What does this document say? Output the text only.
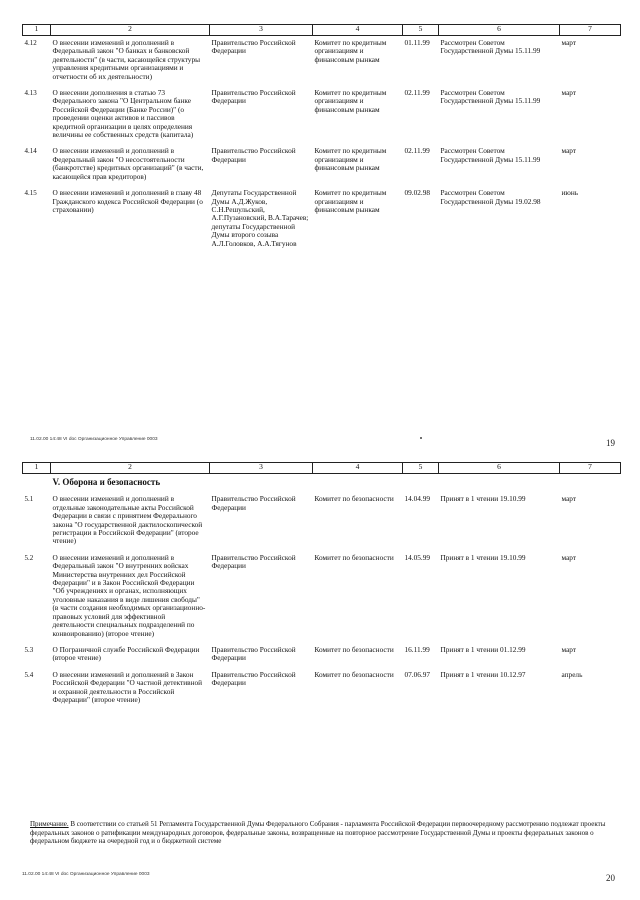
1	2	3	4	5	6	7
4.12	О внесении изменений и дополнений в Федеральный закон "О банках и банковской деятельности" (в части, касающейся структуры управления кредитными организациями и отчетности об их деятельности)	Правительство Российской Федерации	Комитет по кредитным организациям и финансовым рынкам	01.11.99	Рассмотрен Советом Государственной Думы 15.11.99	март
4.13	О внесении дополнения в статью 73 Федерального закона "О Центральном банке Российской Федерации (Банке России)" (о проведении оценки активов и пассивов кредитной организации в целях определения величины ее собственных средств (капитала)	Правительство Российской Федерации	Комитет по кредитным организациям и финансовым рынкам	02.11.99	Рассмотрен Советом Государственной Думы 15.11.99	март
4.14	О внесении изменений и дополнений в Федеральный закон "О несостоятельности (банкротстве) кредитных организаций" (в части, касающейся прав кредиторов)	Правительство Российской Федерации	Комитет по кредитным организациям и финансовым рынкам	02.11.99	Рассмотрен Советом Государственной Думы 15.11.99	март
4.15	О внесении изменений и дополнений в главу 48 Гражданского кодекса Российской Федерации (о страховании)	Депутаты Государственной Думы А.Д.Жуков, С.Н.Решульский, А.Г.Пузановский, В.А.Тарачев; депутаты Государственной Думы второго созыва А.Л.Головков, А.А.Тягунов	Комитет по кредитным организациям и финансовым рынкам	09.02.98	Рассмотрен Советом Государственной Думы 19.02.98	июнь
11.02.00 14:48 VI doc Организационное Управление 0003	19
1	2	3	4	5	6	7
	V. Оборона и безопасность					
5.1	О внесении изменений и дополнений в отдельные законодательные акты Российской Федерации в связи с принятием Федерального закона "О государственной дактилоскопической регистрации в Российской Федерации" (второе чтение)	Правительство Российской Федерации	Комитет по безопасности	14.04.99	Принят в 1 чтении 19.10.99	март
5.2	О внесении изменений и дополнений в Федеральный закон "О внутренних войсках Министерства внутренних дел Российской Федерации" и в Закон Российской Федерации "Об учреждениях и органах, исполняющих уголовные наказания в виде лишения свободы" (в части создания необходимых организационно-правовых условий для эффективной деятельности специальных подразделений по конвоированию) (второе чтение)	Правительство Российской Федерации	Комитет по безопасности	14.05.99	Принят в 1 чтении 19.10.99	март
5.3	О Пограничной службе Российской Федерации (второе чтение)	Правительство Российской Федерации	Комитет по безопасности	16.11.99	Принят в 1 чтении 01.12.99	март
5.4	О внесении изменений и дополнений в Закон Российской Федерации "О частной детективной и охранной деятельности в Российской Федерации" (второе чтение)	Правительство Российской Федерации	Комитет по безопасности	07.06.97	Принят в 1 чтении 10.12.97	апрель
Примечание. В соответствии со статьей 51 Регламента Государственной Думы Федерального Собрания - парламента Российской Федерации первоочередному рассмотрению подлежат проекты федеральных законов о ратификации международных договоров, федеральные законы, возвращенные на повторное рассмотрение Государственной Думы и проекты федеральных законов о федеральном бюджете на очередной год и о бюджетной системе
11.02.00 14:48 VI doc Организационное Управление 0003	20
